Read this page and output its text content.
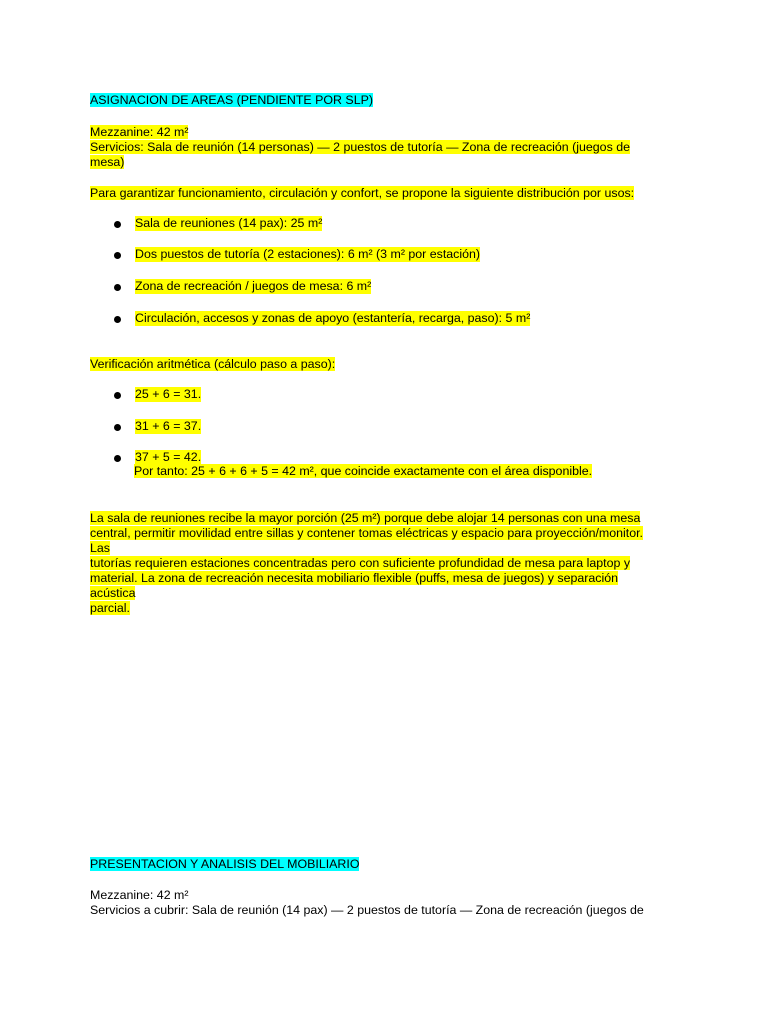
ASIGNACION DE AREAS (PENDIENTE POR SLP)
Mezzanine: 42 m²
Servicios: Sala de reunión (14 personas) — 2 puestos de tutoría — Zona de recreación (juegos de
mesa)
Para garantizar funcionamiento, circulación y confort, se propone la siguiente distribución por usos:
Sala de reuniones (14 pax): 25 m²
Dos puestos de tutoría (2 estaciones): 6 m² (3 m² por estación)
Zona de recreación / juegos de mesa: 6 m²
Circulación, accesos y zonas de apoyo (estantería, recarga, paso): 5 m²
Verificación aritmética (cálculo paso a paso):
25 + 6 = 31.
31 + 6 = 37.
37 + 5 = 42.
Por tanto: 25 + 6 + 6 + 5 = 42 m², que coincide exactamente con el área disponible.
La sala de reuniones recibe la mayor porción (25 m²) porque debe alojar 14 personas con una mesa
central, permitir movilidad entre sillas y contener tomas eléctricas y espacio para proyección/monitor. Las
tutorías requieren estaciones concentradas pero con suficiente profundidad de mesa para laptop y
material. La zona de recreación necesita mobiliario flexible (puffs, mesa de juegos) y separación acústica
parcial.
PRESENTACION Y ANALISIS DEL MOBILIARIO
Mezzanine: 42 m²
Servicios a cubrir: Sala de reunión (14 pax) — 2 puestos de tutoría — Zona de recreación (juegos de
